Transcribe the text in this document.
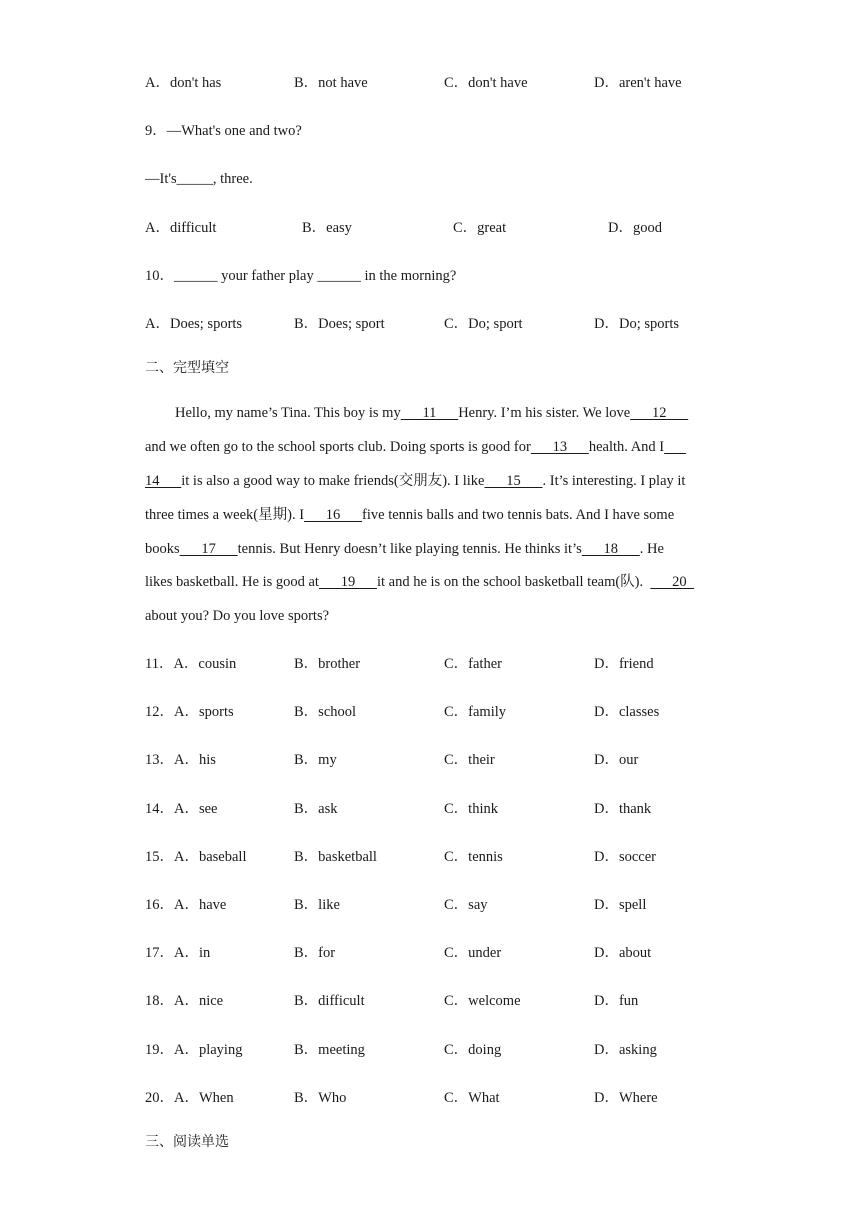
A．don't has	B．not have	C．don't have	D．aren't have
9．—What's one and two?
—It's_____, three.
A．difficult	B．easy	C．great	D．good
10．______ your father play ______ in the morning?
A．Does; sports	B．Does; sport	C．Do; sport	D．Do; sports
二、完型填空
Hello, my name’s Tina. This boy is my      11      Henry. I’m his sister. We love      12
and we often go to the school sports club. Doing sports is good for      13      health. And I
14      it is also a good way to make friends(交朋友). I like      15      . It’s interesting. I play it
three times a week(星期). I      16      five tennis balls and two tennis bats. And I have some
books      17      tennis. But Henry doesn’t like playing tennis. He thinks it’s      18      . He
likes basketball. He is good at      19      it and he is on the school basketball team(队).        20
about you? Do you love sports?
11．A．cousin	B．brother	C．father	D．friend
12．A．sports	B．school	C．family	D．classes
13．A．his	B．my	C．their	D．our
14．A．see	B．ask	C．think	D．thank
15．A．baseball	B．basketball	C．tennis	D．soccer
16．A．have	B．like	C．say	D．spell
17．A．in	B．for	C．under	D．about
18．A．nice	B．difficult	C．welcome	D．fun
19．A．playing	B．meeting	C．doing	D．asking
20．A．When	B．Who	C．What	D．Where
三、阅读单选
